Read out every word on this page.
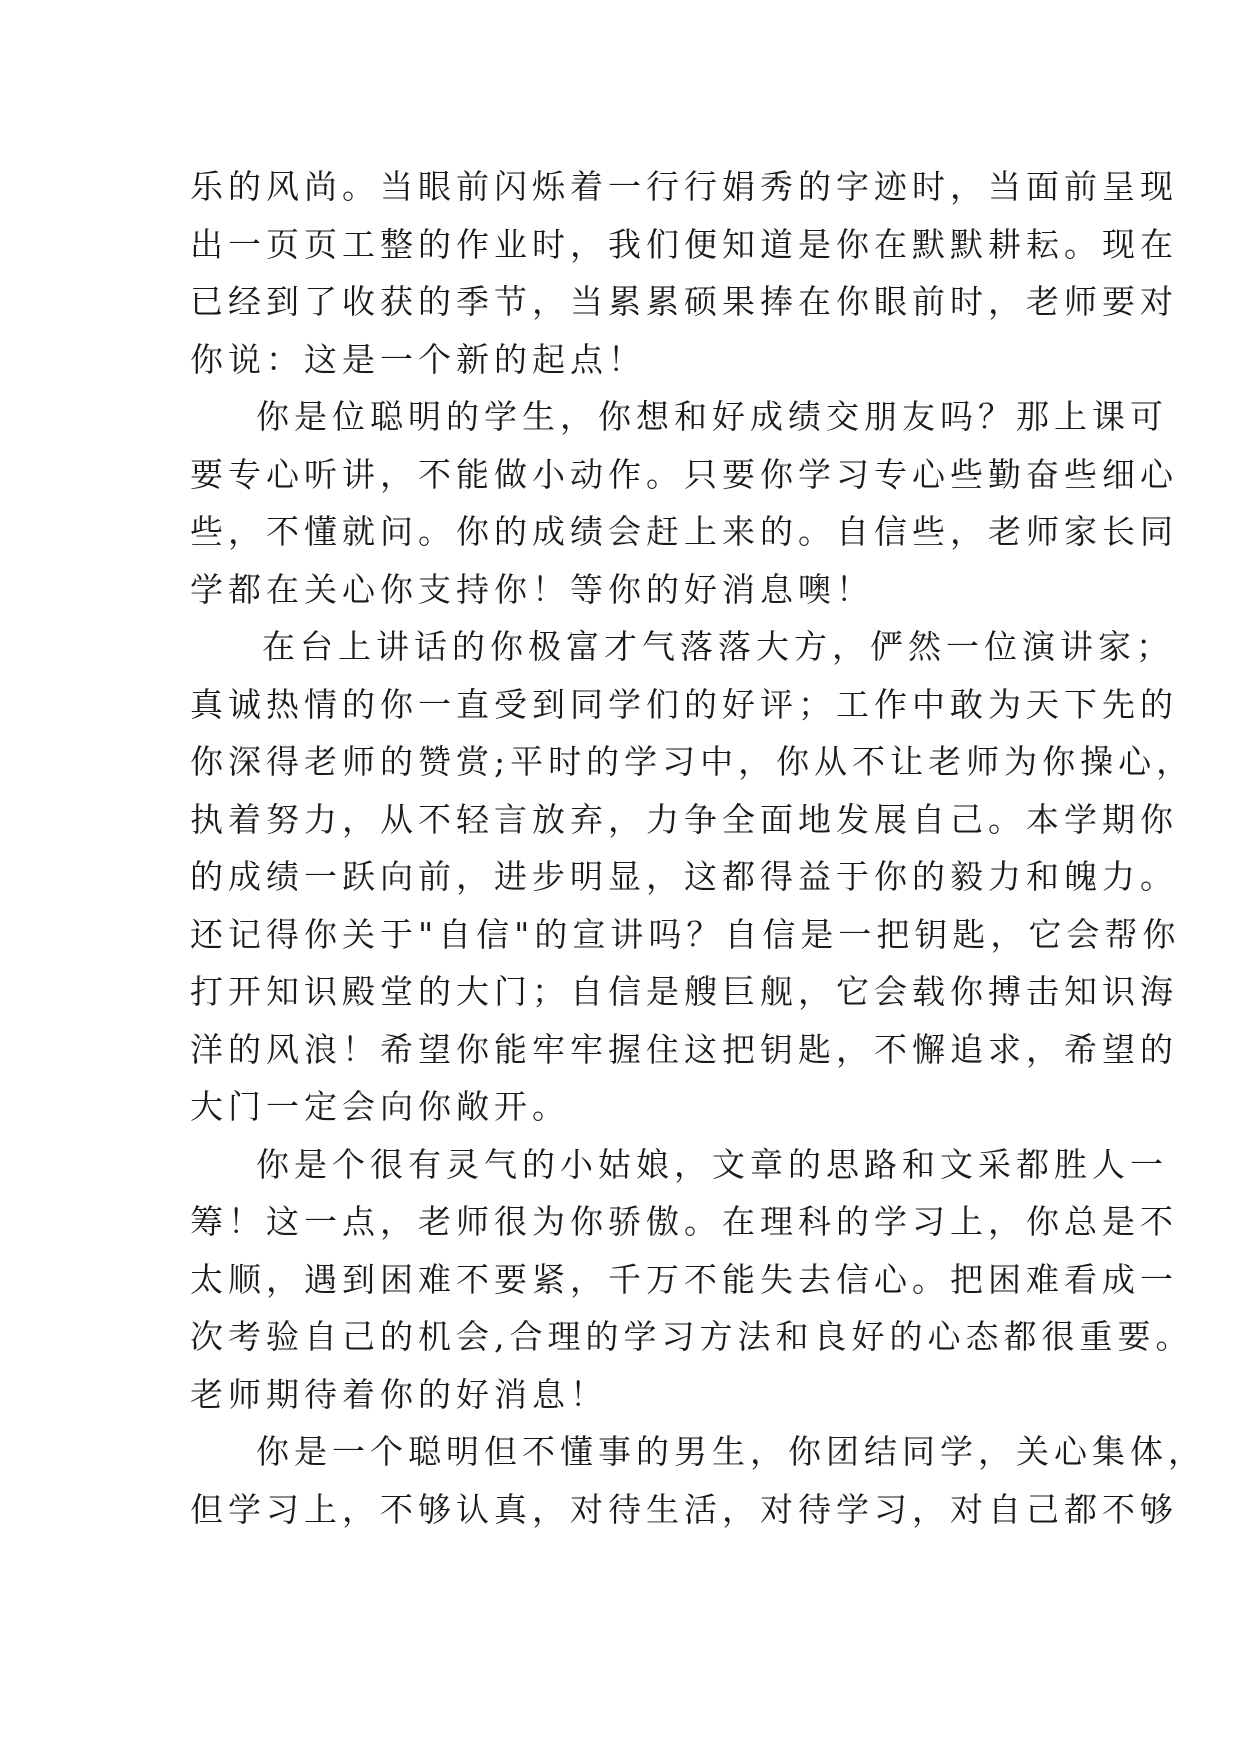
乐的风尚。当眼前闪烁着一行行娟秀的字迹时，当面前呈现
出一页页工整的作业时，我们便知道是你在默默耕耘。现在
已经到了收获的季节，当累累硕果捧在你眼前时，老师要对
你说：这是一个新的起点！
你是位聪明的学生，你想和好成绩交朋友吗？那上课可
要专心听讲，不能做小动作。只要你学习专心些勤奋些细心
些，不懂就问。你的成绩会赶上来的。自信些，老师家长同
学都在关心你支持你！等你的好消息噢！
在台上讲话的你极富才气落落大方，俨然一位演讲家；
真诚热情的你一直受到同学们的好评；工作中敢为天下先的
你深得老师的赞赏;平时的学习中，你从不让老师为你操心，
执着努力，从不轻言放弃，力争全面地发展自己。本学期你
的成绩一跃向前，进步明显，这都得益于你的毅力和魄力。
还记得你关于"自信"的宣讲吗？自信是一把钥匙，它会帮你
打开知识殿堂的大门；自信是艘巨舰，它会载你搏击知识海
洋的风浪！希望你能牢牢握住这把钥匙，不懈追求，希望的
大门一定会向你敞开。
你是个很有灵气的小姑娘，文章的思路和文采都胜人一
筹！这一点，老师很为你骄傲。在理科的学习上，你总是不
太顺，遇到困难不要紧，千万不能失去信心。把困难看成一
次考验自己的机会,合理的学习方法和良好的心态都很重要。
老师期待着你的好消息！
你是一个聪明但不懂事的男生，你团结同学，关心集体，
但学习上，不够认真，对待生活，对待学习，对自己都不够
